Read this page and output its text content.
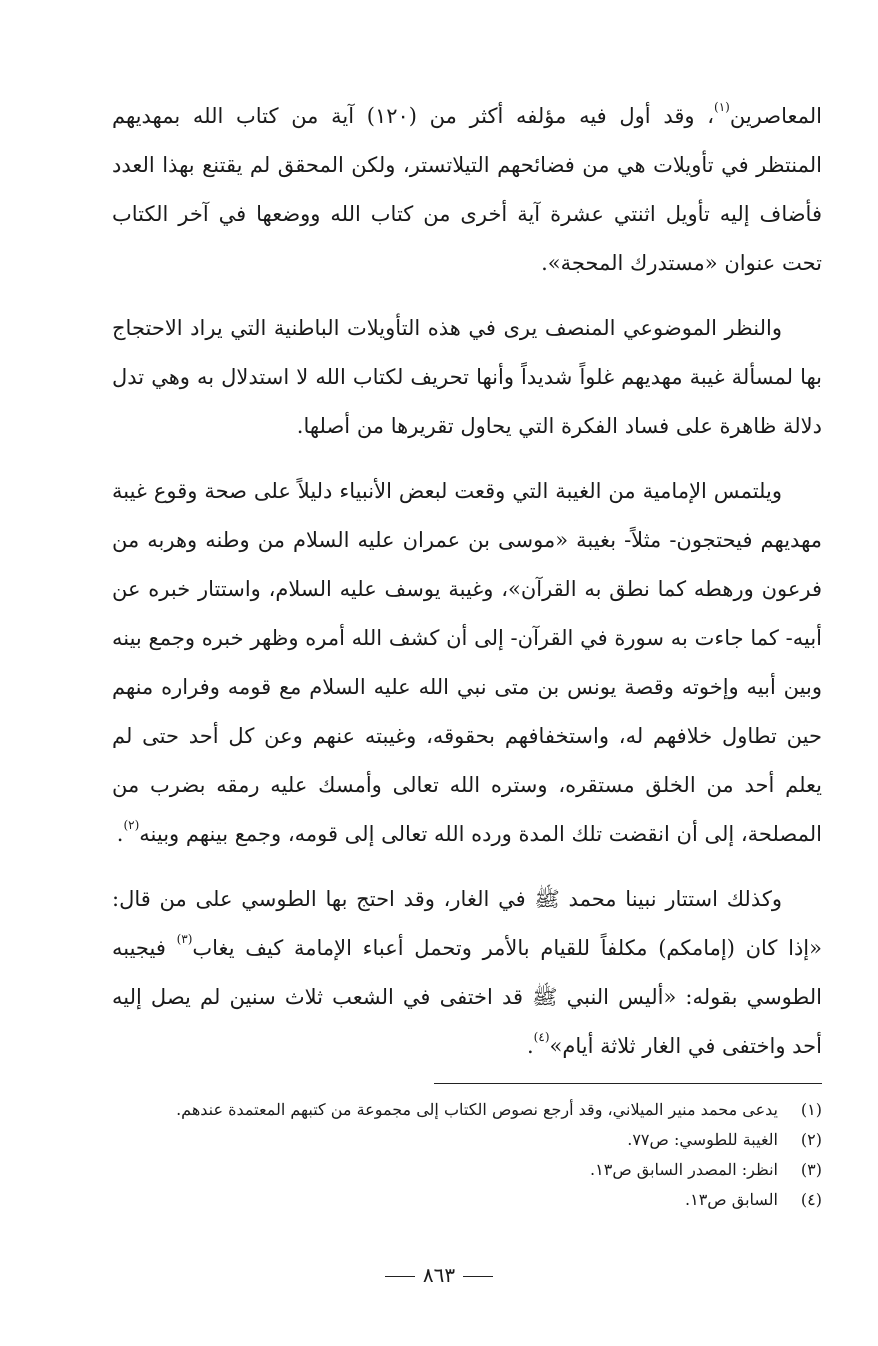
المعاصرين$^{(١)}$، وقد أول فيه مؤلفه أكثر من (١٢٠) آية من كتاب الله بمهديهم المنتظر في تأويلات هي من فضائحهم التيلاتستر، ولكن المحقق لم يقتنع بهذا العدد فأضاف إليه تأويل اثنتي عشرة آية أخرى من كتاب الله ووضعها في آخر الكتاب تحت عنوان «مستدرك المحجة».

والنظر الموضوعي المنصف يرى في هذه التأويلات الباطنية التي يراد الاحتجاج بها لمسألة غيبة مهديهم غلواً شديداً وأنها تحريف لكتاب الله لا استدلال به وهي تدل دلالة ظاهرة على فساد الفكرة التي يحاول تقريرها من أصلها.

ويلتمس الإمامية من الغيبة التي وقعت لبعض الأنبياء دليلاً على صحة وقوع غيبة مهديهم فيحتجون- مثلاً- بغيبة «موسى بن عمران عليه السلام من وطنه وهربه من فرعون ورهطه كما نطق به القرآن»، وغيبة يوسف عليه السلام، واستتار خبره عن أبيه- كما جاءت به سورة في القرآن- إلى أن كشف الله أمره وظهر خبره وجمع بينه وبين أبيه وإخوته وقصة يونس بن متى نبي الله عليه السلام مع قومه وفراره منهم حين تطاول خلافهم له، واستخفافهم بحقوقه، وغيبته عنهم وعن كل أحد حتى لم يعلم أحد من الخلق مستقره، وستره الله تعالى وأمسك عليه رمقه بضرب من المصلحة، إلى أن انقضت تلك المدة ورده الله تعالى إلى قومه، وجمع بينهم وبينه$^{(٢)}$.

وكذلك استتار نبينا محمد ﷺ في الغار، وقد احتج بها الطوسي على من قال: «إذا كان (إمامكم) مكلفاً للقيام بالأمر وتحمل أعباء الإمامة كيف يغاب$^{(٣)}$ فيجيبه الطوسي بقوله: «أليس النبي ﷺ قد اختفى في الشعب ثلاث سنين لم يصل إليه أحد واختفى في الغار ثلاثة أيام»$^{(٤)}$.

(١)يدعى محمد منير الميلاني، وقد أرجع نصوص الكتاب إلى مجموعة من كتبهم المعتمدة عندهم.
(٢)الغيبة للطوسي: ص٧٧.
(٣)انظر: المصدر السابق ص١٣.
(٤)السابق ص١٣.
٨٦٣
